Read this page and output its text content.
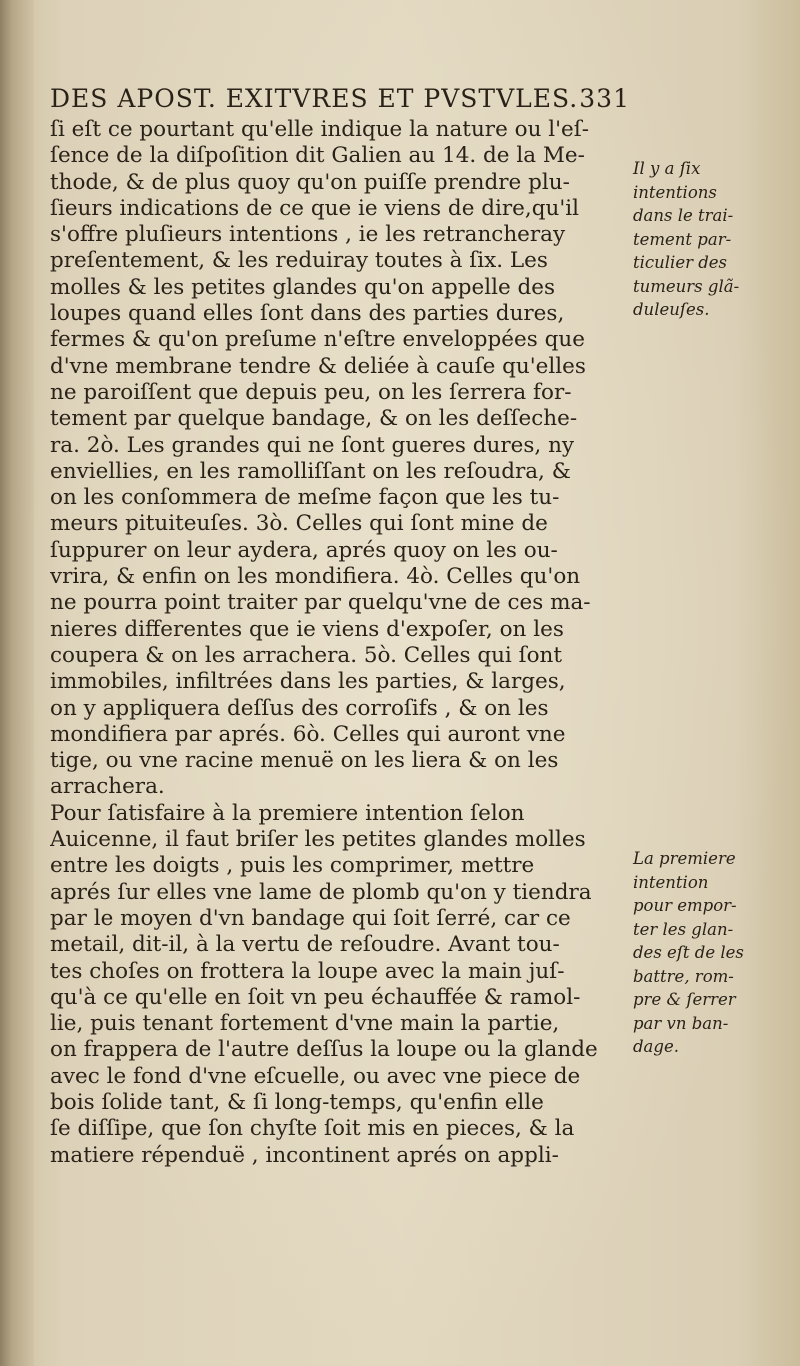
DES APOST. EXITVRES ET PVSTVLES. 331
ſi eſt ce pourtant qu'elle indique la nature ou l'eſ-
ſence de la diſpoſition dit Galien au 14. de la Me-
thode, & de plus quoy qu'on puiſſe prendre plu-
ſieurs indications de ce que ie viens de dire,qu'il
s'offre pluſieurs intentions , ie les retrancheray
preſentement, & les reduiray toutes à ſix. Les
molles & les petites glandes qu'on appelle des
loupes quand elles ſont dans des parties dures,
fermes & qu'on preſume n'eſtre enveloppées que
d'vne membrane tendre & deliée à cauſe qu'elles
ne paroiſſent que depuis peu, on les ſerrera for-
tement par quelque bandage, & on les deſſeche-
ra. 2ò. Les grandes qui ne ſont gueres dures, ny
enviellies, en les ramolliſſant on les reſoudra, &
on les conſommera de meſme façon que les tu-
meurs pituiteuſes. 3ò. Celles qui ſont mine de
ſuppurer on leur aydera, aprés quoy on les ou-
vrira, & enfin on les mondifiera. 4ò. Celles qu'on
ne pourra point traiter par quelqu'vne de ces ma-
nieres differentes que ie viens d'expoſer, on les
coupera & on les arrachera. 5ò. Celles qui ſont
immobiles, infiltrées dans les parties, & larges,
on y appliquera deſſus des corroſifs , & on les
mondifiera par aprés. 6ò. Celles qui auront vne
tige, ou vne racine menuë on les liera & on les
arrachera.
Pour ſatisfaire à la premiere intention ſelon
Auicenne, il faut briſer les petites glandes molles
entre les doigts , puis les comprimer, mettre
aprés ſur elles vne lame de plomb qu'on y tiendra
par le moyen d'vn bandage qui ſoit ſerré, car ce
metail, dit-il, à la vertu de reſoudre. Avant tou-
tes choſes on frottera la loupe avec la main juſ-
qu'à ce qu'elle en ſoit vn peu échauffée & ramol-
lie, puis tenant fortement d'vne main la partie,
on frappera de l'autre deſſus la loupe ou la glande
avec le fond d'vne eſcuelle, ou avec vne piece de
bois ſolide tant, & ſi long-temps, qu'enfin elle
ſe diſſipe, que ſon chyſte ſoit mis en pieces, & la
matiere répenduë , incontinent aprés on appli-
Il y a ſix
intentions
dans le trai-
tement par-
ticulier des
tumeurs glã-
duleuſes.
La premiere
intention
pour empor-
ter les glan-
des eſt de les
battre, rom-
pre & ſerrer
par vn ban-
dage.
